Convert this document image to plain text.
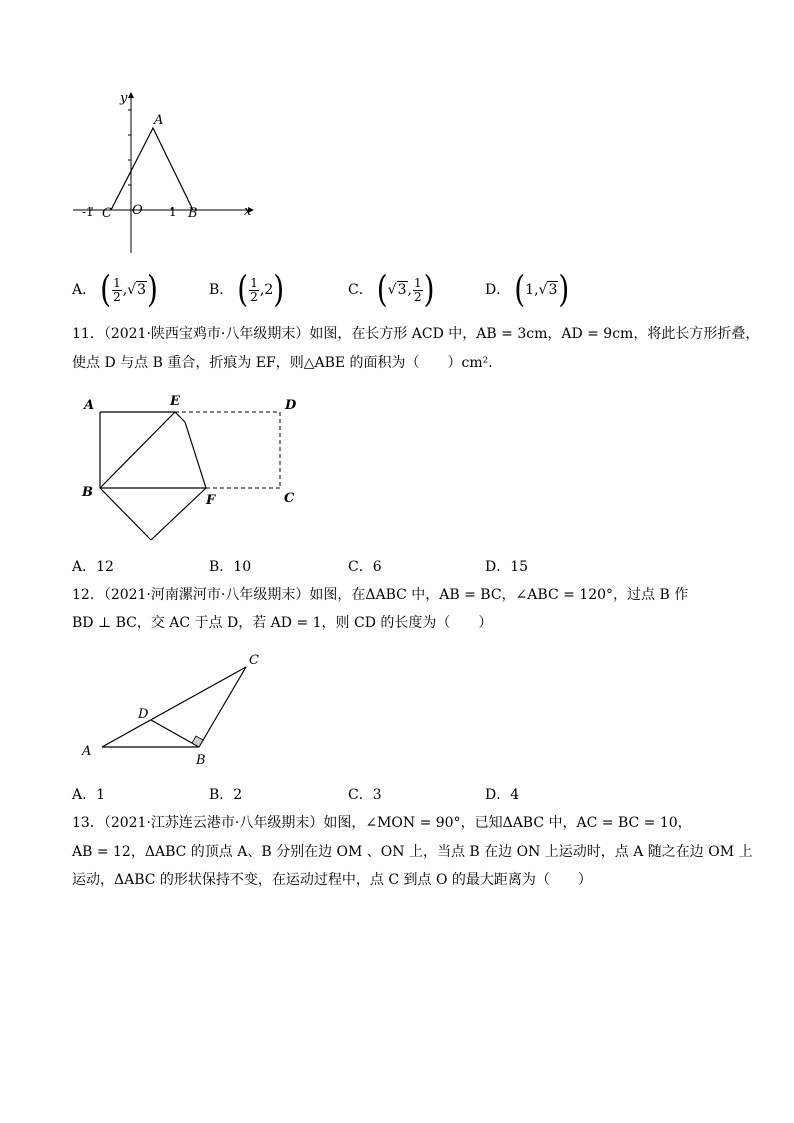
y
A
x
-1 C O 1 B
A． ( $\frac{1}{2}$ , √3 )	B． ( $\frac{1}{2}$ , 2 )	C． ( √3 , $\frac{1}{2}$ )	D． ( 1 , √3 )
11．（2021·陕西宝鸡市·八年级期末）如图，在长方形 ACD 中，AB = 3cm，AD = 9cm，将此长方形折叠，
使点 D 与点 B 重合，折痕为 EF，则△ABE 的面积为（　　）cm²．
A	E	D
B
F	C
A．12	B．10	C．6	D．15
12．（2021·河南漯河市·八年级期末）如图，在ΔABC 中，AB = BC，∠ABC = 120°，过点 B 作
BD ⊥ BC，交 AC 于点 D，若 AD = 1，则 CD 的长度为（　　）
C
D
A
B
A．1	B．2	C．3	D．4
13．（2021·江苏连云港市·八年级期末）如图，∠MON = 90°，已知ΔABC 中，AC = BC = 10，
AB = 12，ΔABC 的顶点 A、B 分别在边 OM 、ON 上，当点 B 在边 ON 上运动时，点 A 随之在边 OM 上
运动，ΔABC 的形状保持不变，在运动过程中，点 C 到点 O 的最大距离为（　　）
